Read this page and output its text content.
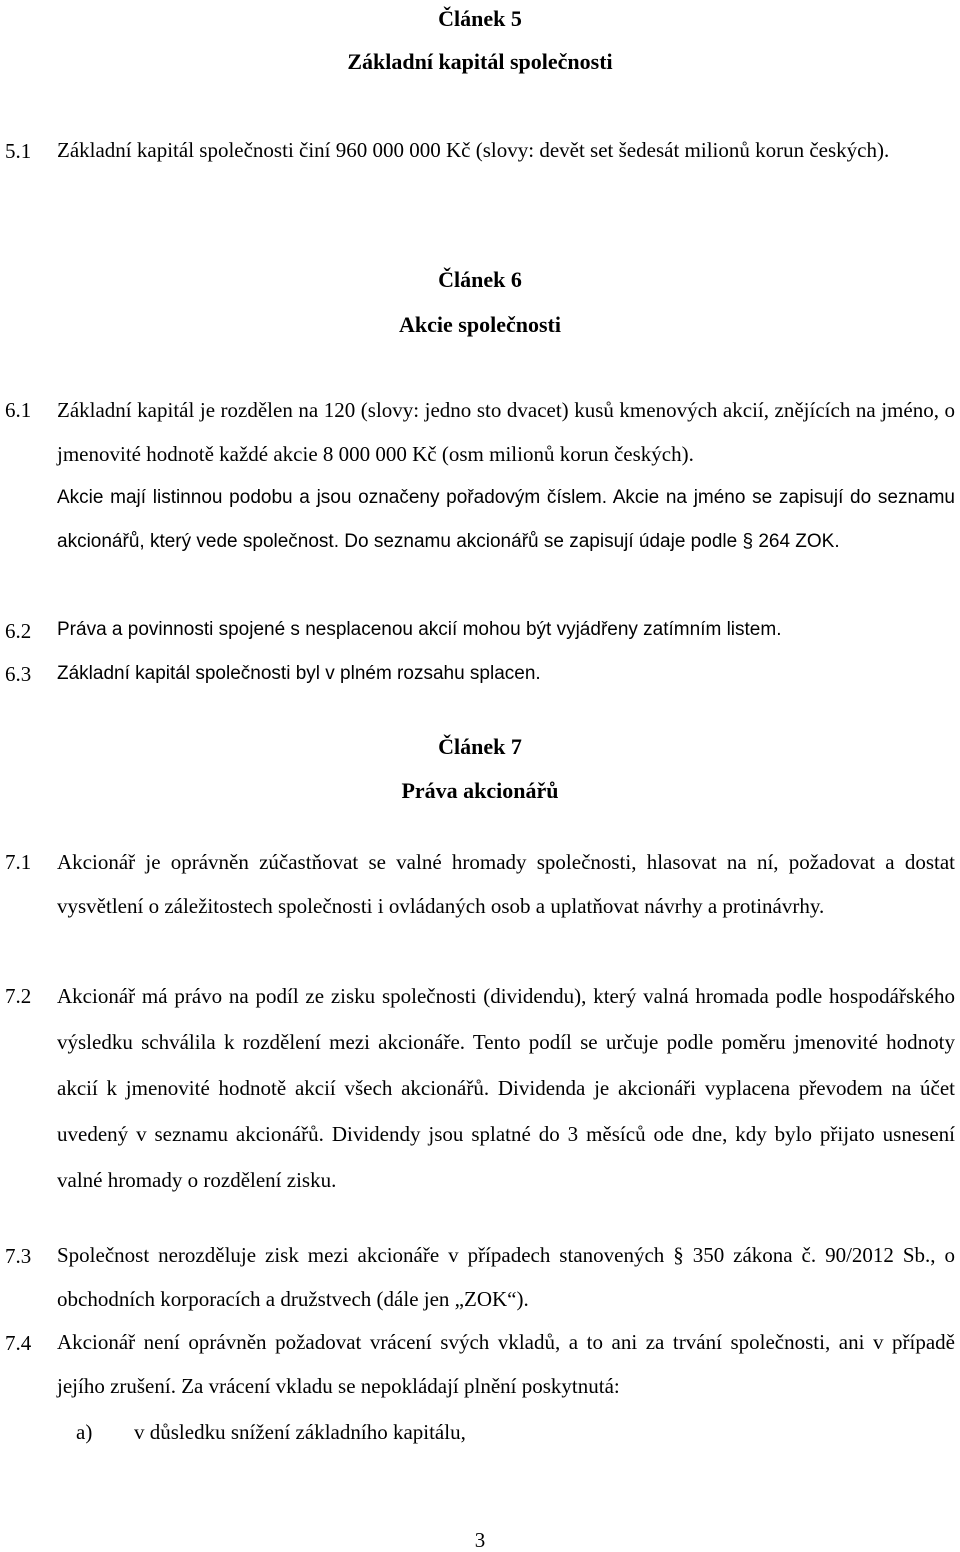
Článek 5
Základní kapitál společnosti
5.1 Základní kapitál společnosti činí 960 000 000 Kč (slovy: devět set šedesát milionů korun českých).

Článek 6
Akcie společnosti
6.1 Základní kapitál je rozdělen na 120 (slovy: jedno sto dvacet) kusů kmenových akcií, znějících na jméno, o jmenovité hodnotě každé akcie 8 000 000 Kč (osm milionů korun českých).

Akcie mají listinnou podobu a jsou označeny pořadovým číslem. Akcie na jméno se zapisují do seznamu akcionářů, který vede společnost. Do seznamu akcionářů se zapisují údaje podle § 264 ZOK.

6.2 Práva a povinnosti spojené s nesplacenou akcií mohou být vyjádřeny zatímním listem.

6.3 Základní kapitál společnosti byl v plném rozsahu splacen.

Článek 7
Práva akcionářů
7.1 Akcionář je oprávněn zúčastňovat se valné hromady společnosti, hlasovat na ní, požadovat a dostat vysvětlení o záležitostech společnosti i ovládaných osob a uplatňovat návrhy a protinávrhy.

7.2 Akcionář má právo na podíl ze zisku společnosti (dividendu), který valná hromada podle hospodářského výsledku schválila k rozdělení mezi akcionáře. Tento podíl se určuje podle poměru jmenovité hodnoty akcií k jmenovité hodnotě akcií všech akcionářů. Dividenda je akcionáři vyplacena převodem na účet uvedený v seznamu akcionářů. Dividendy jsou splatné do 3 měsíců ode dne, kdy bylo přijato usnesení valné hromady o rozdělení zisku.

7.3 Společnost nerozděluje zisk mezi akcionáře v případech stanovených § 350 zákona č. 90/2012 Sb., o obchodních korporacích a družstvech (dále jen „ZOK“).

7.4 Akcionář není oprávněn požadovat vrácení svých vkladů, a to ani za trvání společnosti, ani v případě jejího zrušení. Za vrácení vkladu se nepokládají plnění poskytnutá:

a) v důsledku snížení základního kapitálu,
3
